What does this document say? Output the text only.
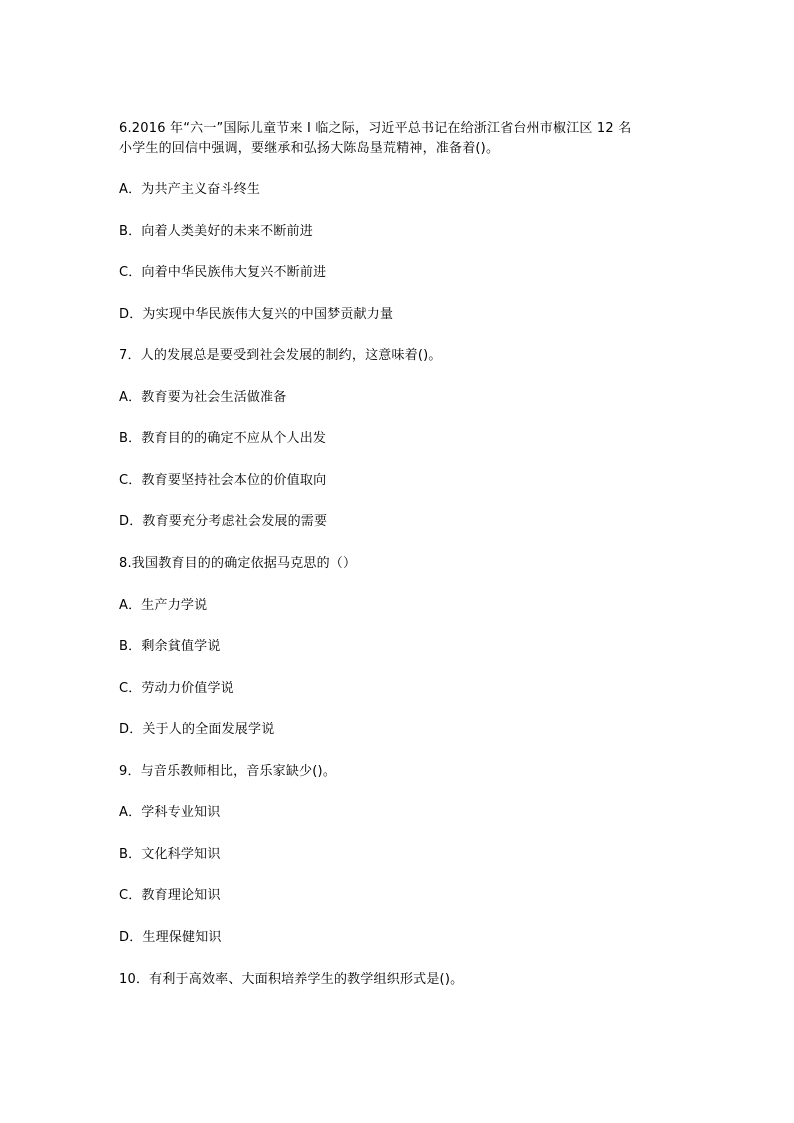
6.2016 年“六一”国际儿童节来 I 临之际，习近平总书记在给浙江省台州市椒江区 12 名
小学生的回信中强调，要继承和弘扬大陈岛垦荒精神，准备着()。
A．为共产主义奋斗终生
B．向着人类美好的未来不断前进
C．向着中华民族伟大复兴不断前进
D．为实现中华民族伟大复兴的中国梦贡献力量
7．人的发展总是要受到社会发展的制约，这意味着()。
A．教育要为社会生活做准备
B．教育目的的确定不应从个人出发
C．教育要坚持社会本位的价值取向
D．教育要充分考虑社会发展的需要
8.我国教育目的的确定依据马克思的（）
A．生产力学说
B．剩余貧值学说
C．劳动力价值学说
D．关于人的全面发展学说
9．与音乐教师相比，音乐家缺少()。
A．学科专业知识
B．文化科学知识
C．教育理论知识
D．生理保健知识
10．有利于高效率、大面积培养学生的教学组织形式是()。
